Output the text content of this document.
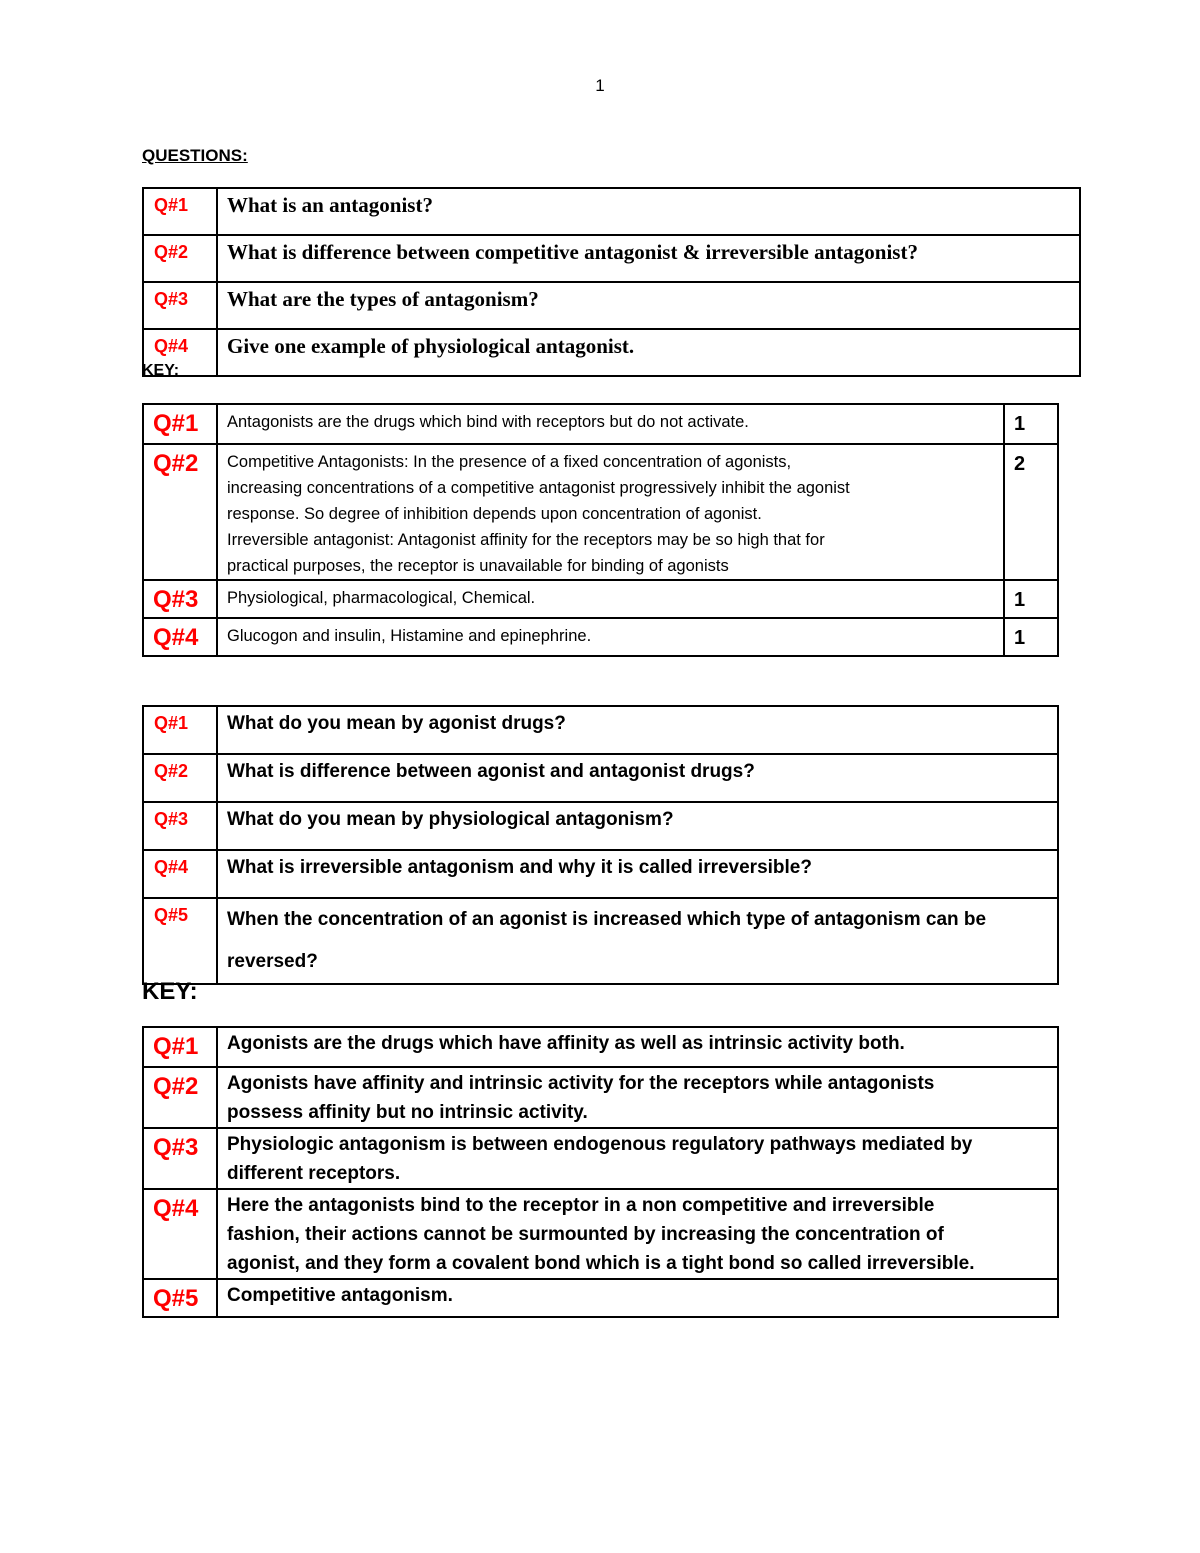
1
QUESTIONS:
Q#1	What is an antagonist?
Q#2	What is difference between competitive antagonist & irreversible antagonist?
Q#3	What are the types of antagonism?
Q#4	Give one example of physiological antagonist.
KEY:
Q#1	Antagonists are the drugs which bind with receptors but do not activate.	1
Q#2	Competitive Antagonists: In the presence of a fixed concentration of agonists,
increasing concentrations of a competitive antagonist progressively inhibit the agonist
response. So degree of inhibition depends upon concentration of agonist.
Irreversible antagonist: Antagonist affinity for the receptors may be so high that for
practical purposes, the receptor is unavailable for binding of agonists	2
Q#3	Physiological, pharmacological, Chemical.	1
Q#4	Glucogon and insulin, Histamine and epinephrine.	1
Q#1	What do you mean by agonist drugs?
Q#2	What is difference between agonist and antagonist drugs?
Q#3	What do you mean by physiological antagonism?
Q#4	What is irreversible antagonism and why it is called irreversible?
Q#5	When the concentration of an agonist is increased which type of antagonism can be
reversed?
KEY:
Q#1	Agonists are the drugs which have affinity as well as intrinsic activity both.

Q#2	Agonists have affinity and intrinsic activity for the receptors while antagonists
possess affinity but no intrinsic activity.

Q#3	Physiologic antagonism is between endogenous regulatory pathways mediated by
different receptors.

Q#4	Here the antagonists bind to the receptor in a non competitive and irreversible
fashion, their actions cannot be surmounted by increasing the concentration of
agonist, and they form a covalent bond which is a tight bond so called irreversible.

Q#5	Competitive antagonism.
